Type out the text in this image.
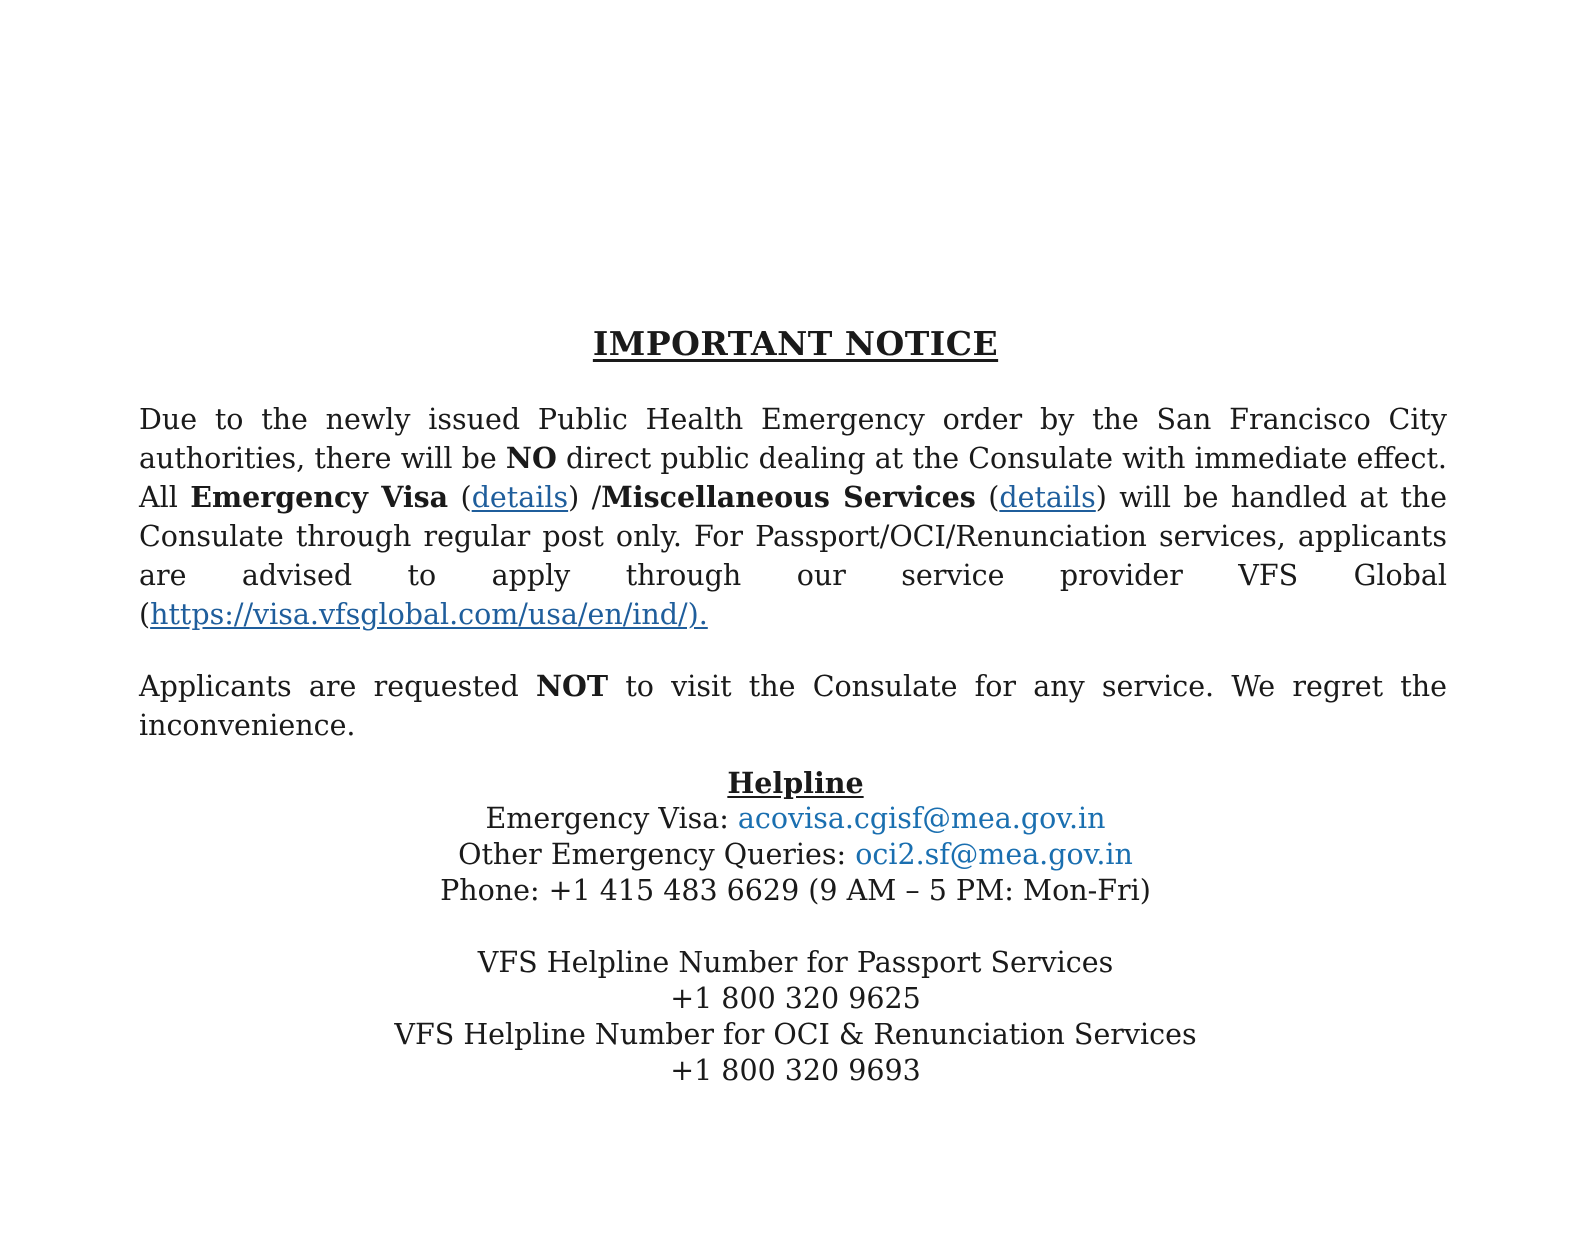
IMPORTANT NOTICE

Due to the newly issued Public Health Emergency order by the San Francisco City authorities, there will be NO direct public dealing at the Consulate with immediate effect. All Emergency Visa (details) /Miscellaneous Services (details) will be handled at the Consulate through regular post only. For Passport/OCI/Renunciation services, applicants are advised to apply through our service provider VFS Global (https://visa.vfsglobal.com/usa/en/ind/).

Applicants are requested NOT to visit the Consulate for any service. We regret the inconvenience.

Helpline
Emergency Visa: acovisa.cgisf@mea.gov.in
Other Emergency Queries: oci2.sf@mea.gov.in
Phone: +1 415 483 6629 (9 AM – 5 PM: Mon-Fri)
VFS Helpline Number for Passport Services
+1 800 320 9625
VFS Helpline Number for OCI & Renunciation Services
+1 800 320 9693
